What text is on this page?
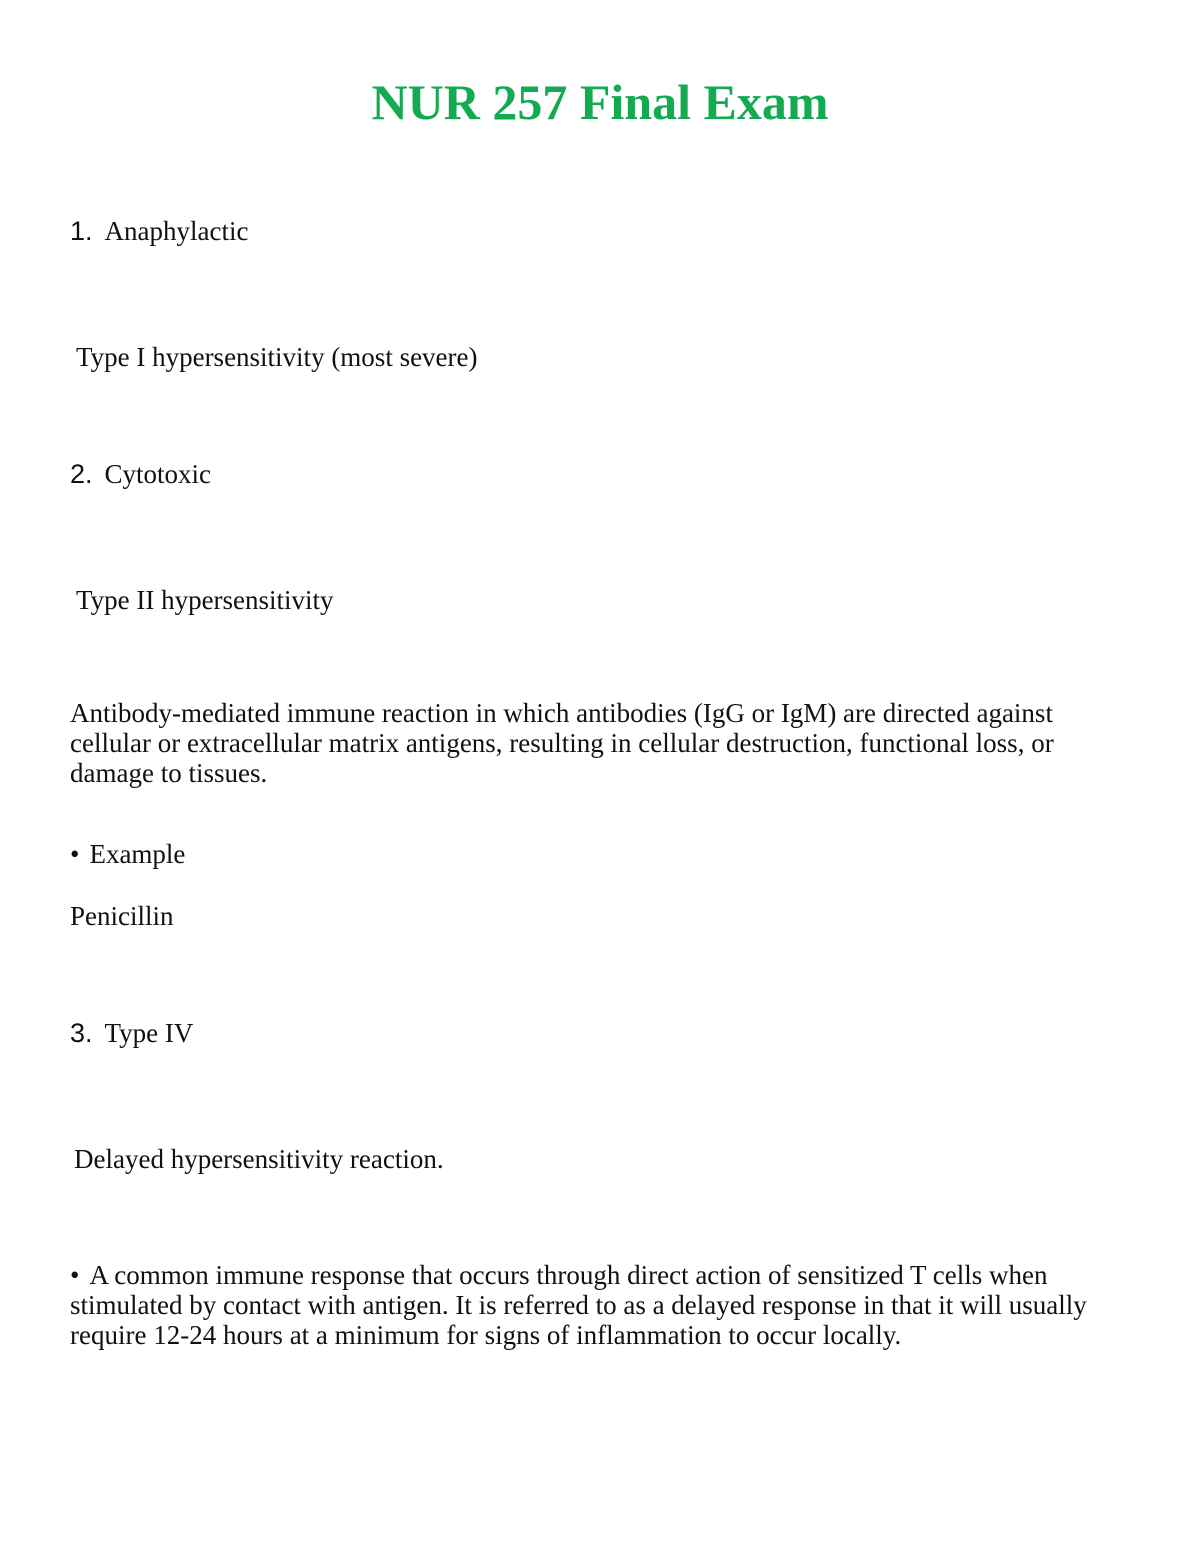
NUR 257 Final Exam
1. Anaphylactic
Type I hypersensitivity (most severe)
2. Cytotoxic
Type II hypersensitivity
Antibody-mediated immune reaction in which antibodies (IgG or IgM) are directed against cellular or extracellular matrix antigens, resulting in cellular destruction, functional loss, or damage to tissues.
• Example
Penicillin
3. Type IV
Delayed hypersensitivity reaction.
• A common immune response that occurs through direct action of sensitized T cells when stimulated by contact with antigen. It is referred to as a delayed response in that it will usually require 12-24 hours at a minimum for signs of inflammation to occur locally.
